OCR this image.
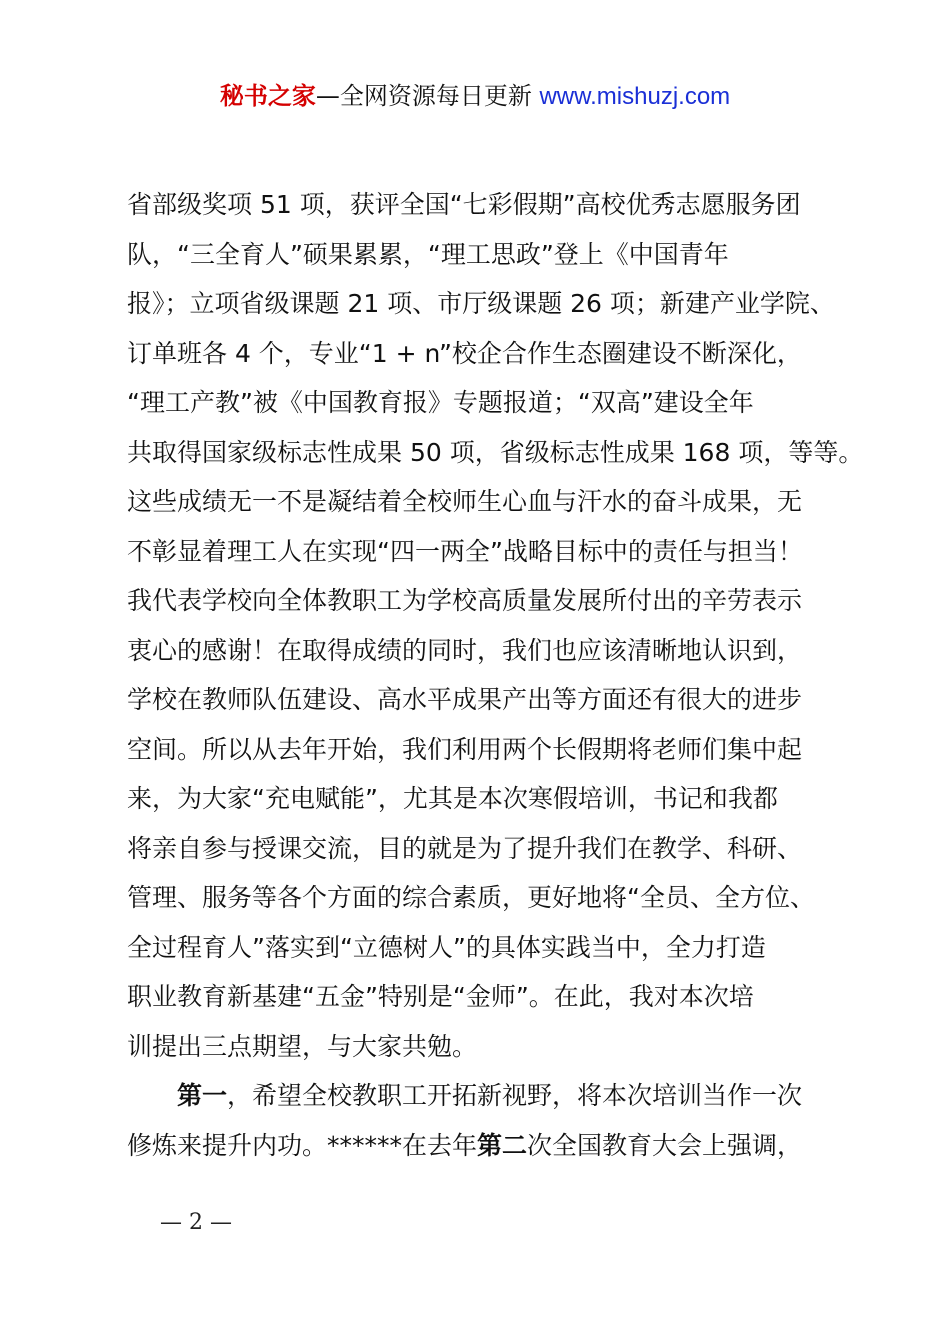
秘书之家—全网资源每日更新 www.mishuzj.com
省部级奖项 51 项，获评全国“七彩假期”高校优秀志愿服务团
队，“三全育人”硕果累累，“理工思政”登上《中国青年
报》；立项省级课题 21 项、市厅级课题 26 项；新建产业学院、
订单班各 4 个，专业“1 + n”校企合作生态圈建设不断深化，
“理工产教”被《中国教育报》专题报道；“双高”建设全年
共取得国家级标志性成果 50 项，省级标志性成果 168 项，等等。
这些成绩无一不是凝结着全校师生心血与汗水的奋斗成果，无
不彰显着理工人在实现“四一两全”战略目标中的责任与担当！
我代表学校向全体教职工为学校高质量发展所付出的辛劳表示
衷心的感谢！在取得成绩的同时，我们也应该清晰地认识到，
学校在教师队伍建设、高水平成果产出等方面还有很大的进步
空间。所以从去年开始，我们利用两个长假期将老师们集中起
来，为大家“充电赋能”，尤其是本次寒假培训，书记和我都
将亲自参与授课交流，目的就是为了提升我们在教学、科研、
管理、服务等各个方面的综合素质，更好地将“全员、全方位、
全过程育人”落实到“立德树人”的具体实践当中，全力打造
职业教育新基建“五金”特别是“金师”。在此，我对本次培
训提出三点期望，与大家共勉。
　　第一，希望全校教职工开拓新视野，将本次培训当作一次
修炼来提升内功。******在去年第二次全国教育大会上强调，
— 2 —
